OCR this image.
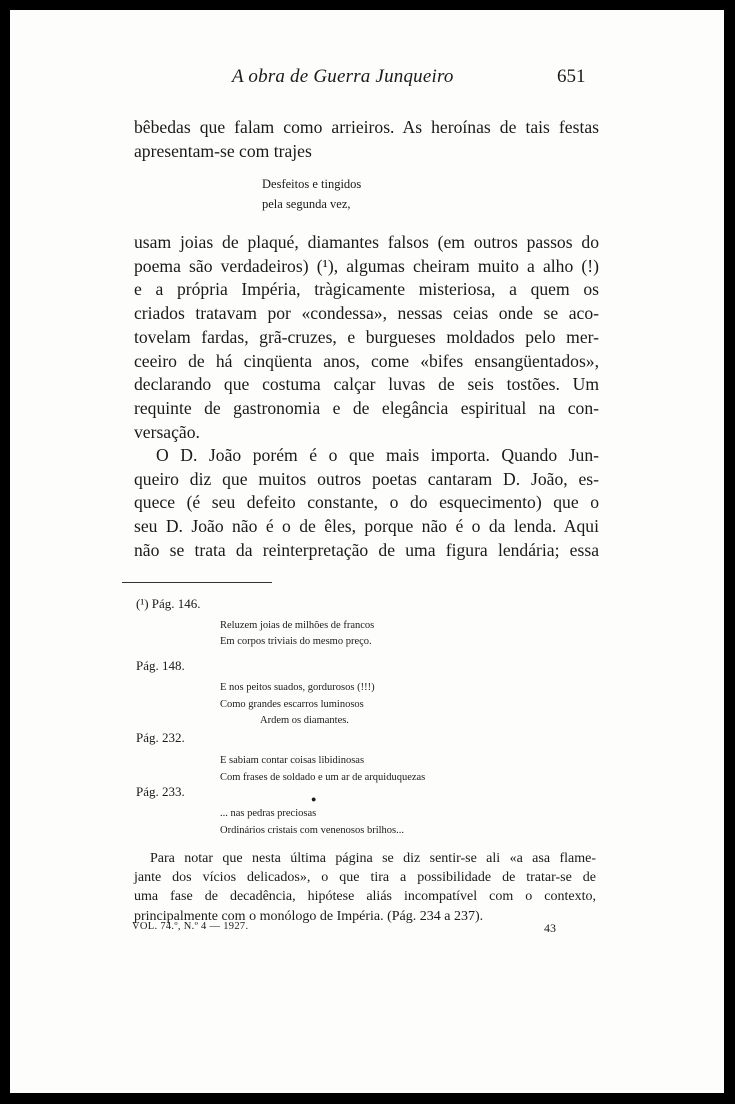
A obra de Guerra Junqueiro	651
bêbedas que falam como arrieiros. As heroínas de tais festas
apresentam-se com trajes
Desfeitos e tingidos
pela segunda vez,
usam joias de plaqué, diamantes falsos (em outros passos do
poema são verdadeiros) (¹), algumas cheiram muito a alho (!)
e a própria Impéria, tràgicamente misteriosa, a quem os
criados tratavam por «condessa», nessas ceias onde se aco-
tovelam fardas, grã-cruzes, e burgueses moldados pelo mer-
ceeiro de há cinqüenta anos, come «bifes ensangüentados»,
declarando que costuma calçar luvas de seis tostões. Um
requinte de gastronomia e de elegância espiritual na con-
versação.
O D. João porém é o que mais importa. Quando Jun-
queiro diz que muitos outros poetas cantaram D. João, es-
quece (é seu defeito constante, o do esquecimento) que o
seu D. João não é o de êles, porque não é o da lenda. Aqui
não se trata da reinterpretação de uma figura lendária; essa
(¹) Pág. 146.
Reluzem joias de milhões de francos
Em corpos triviais do mesmo preço.
Pág. 148.
E nos peitos suados, gordurosos (!!!)
Como grandes escarros luminosos
Ardem os diamantes.
Pág. 232.
E sabiam contar coisas libidinosas
Com frases de soldado e um ar de arquiduquezas
Pág. 233.	●
... nas pedras preciosas
Ordinários cristais com venenosos brilhos...
Para notar que nesta última página se diz sentir-se ali «a asa flame-
jante dos vícios delicados», o que tira a possibilidade de tratar-se de
uma fase de decadência, hipótese aliás incompatível com o contexto,
principalmente com o monólogo de Impéria. (Pág. 234 a 237).
VOL. 74.º, N.º 4 — 1927.	43
